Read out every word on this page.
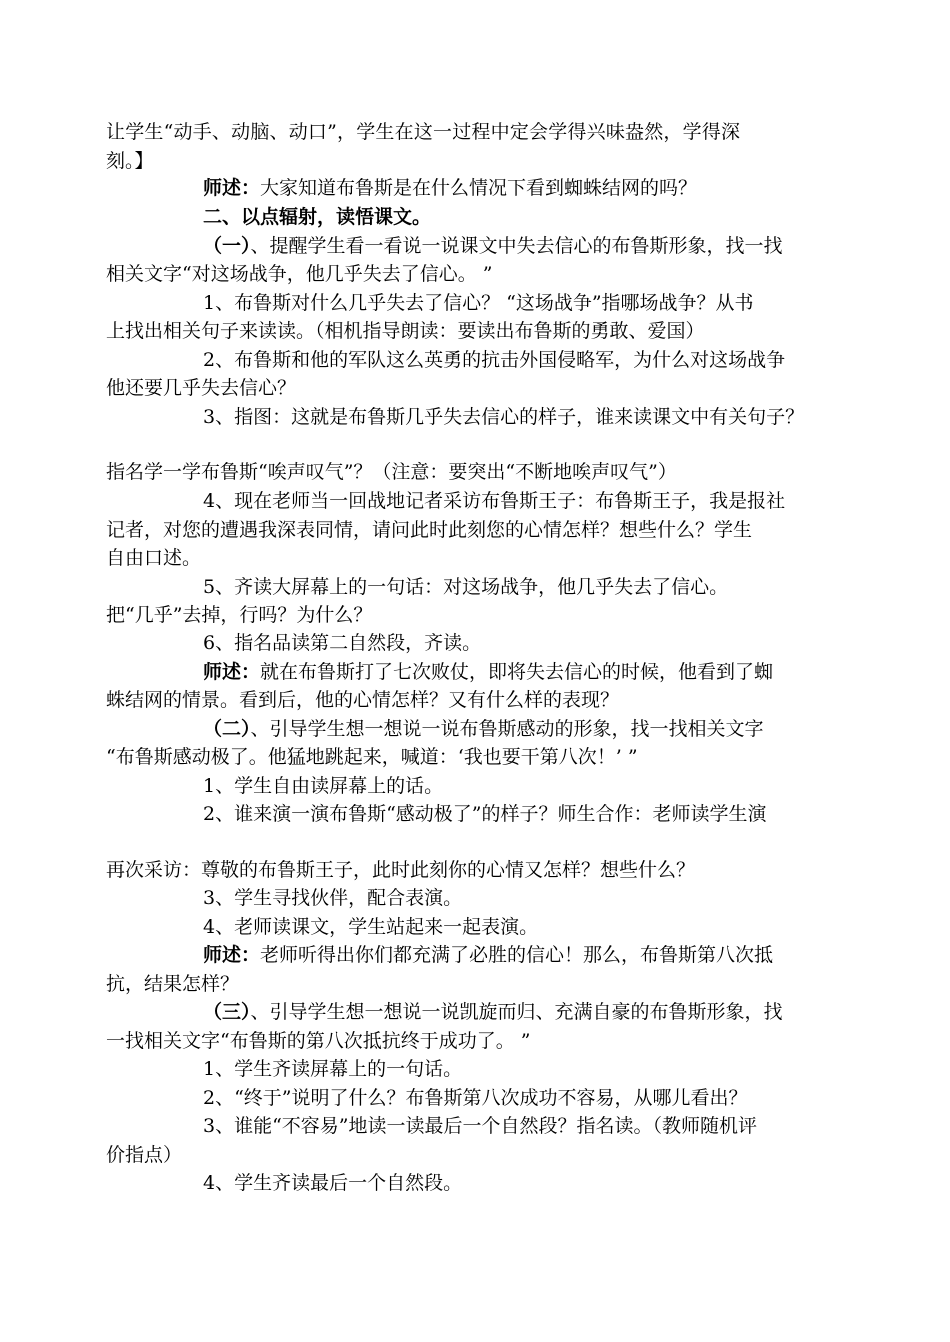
让学生“动手、动脑、动口”，学生在这一过程中定会学得兴味盎然，学得深
刻。】
师述：大家知道布鲁斯是在什么情况下看到蜘蛛结网的吗？
二、以点辐射，读悟课文。
（一）、提醒学生看一看说一说课文中失去信心的布鲁斯形象，找一找
相关文字“对这场战争，他几乎失去了信心。 ”
1、布鲁斯对什么几乎失去了信心？ “这场战争”指哪场战争？从书
上找出相关句子来读读。（相机指导朗读：要读出布鲁斯的勇敢、爱国）
2、布鲁斯和他的军队这么英勇的抗击外国侵略军，为什么对这场战争
他还要几乎失去信心？
3、指图：这就是布鲁斯几乎失去信心的样子，谁来读课文中有关句子？
指名学一学布鲁斯“唉声叹气”？（注意：要突出“不断地唉声叹气”）
4、现在老师当一回战地记者采访布鲁斯王子：布鲁斯王子，我是报社
记者，对您的遭遇我深表同情，请问此时此刻您的心情怎样？想些什么？学生
自由口述。
5、齐读大屏幕上的一句话：对这场战争，他几乎失去了信心。
把“几乎”去掉，行吗？为什么？
6、指名品读第二自然段，齐读。
师述：就在布鲁斯打了七次败仗，即将失去信心的时候，他看到了蜘
蛛结网的情景。看到后，他的心情怎样？又有什么样的表现？
（二）、引导学生想一想说一说布鲁斯感动的形象，找一找相关文字
“布鲁斯感动极了。他猛地跳起来，喊道：‘我也要干第八次！’ ”
1、学生自由读屏幕上的话。
2、谁来演一演布鲁斯“感动极了”的样子？师生合作：老师读学生演
再次采访：尊敬的布鲁斯王子，此时此刻你的心情又怎样？想些什么？
3、学生寻找伙伴，配合表演。
4、老师读课文，学生站起来一起表演。
师述：老师听得出你们都充满了必胜的信心！那么，布鲁斯第八次抵
抗，结果怎样？
（三）、引导学生想一想说一说凯旋而归、充满自豪的布鲁斯形象，找
一找相关文字“布鲁斯的第八次抵抗终于成功了。 ”
1、学生齐读屏幕上的一句话。
2、“终于”说明了什么？布鲁斯第八次成功不容易，从哪儿看出？
3、谁能“不容易”地读一读最后一个自然段？指名读。（教师随机评
价指点）
4、学生齐读最后一个自然段。
